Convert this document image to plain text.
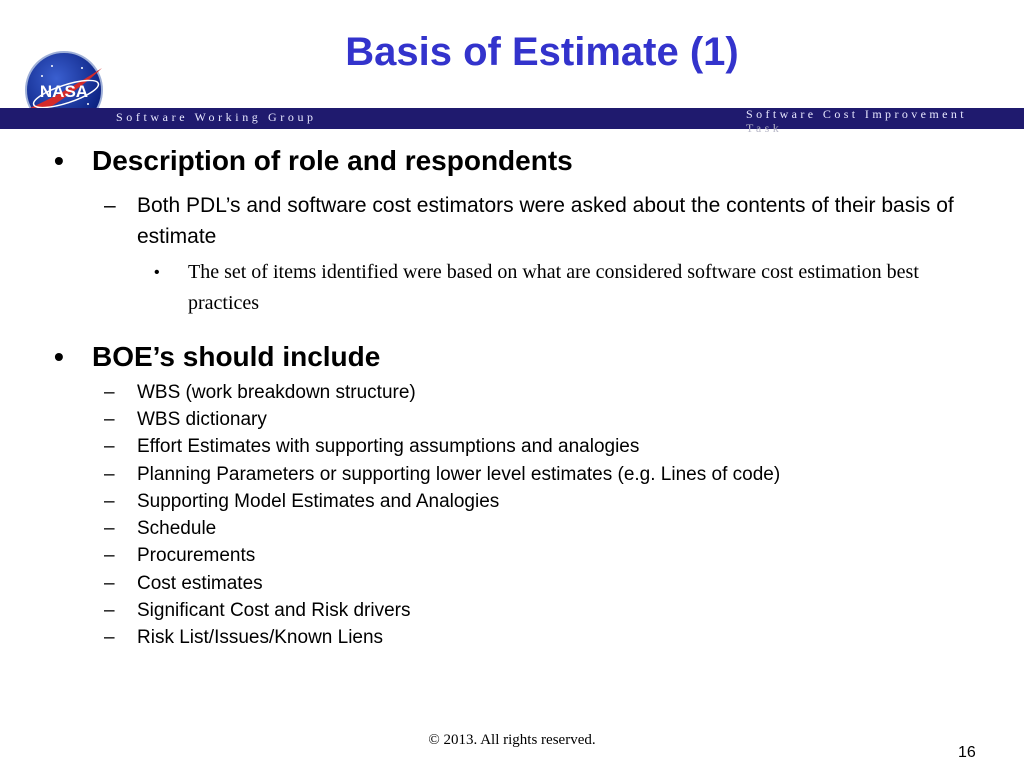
NASA
Basis of Estimate (1)
Software Working Group	Software Cost Improvement
Task
• Description of role and respondents
– Both PDL’s and software cost estimators were asked about the contents of their basis of estimate
• The set of items identified were based on what are considered software cost estimation best practices
• BOE’s should include
– WBS (work breakdown structure)
– WBS dictionary
– Effort Estimates with supporting assumptions and analogies
– Planning Parameters or supporting lower level estimates (e.g. Lines of code)
– Supporting Model Estimates and Analogies
– Schedule
– Procurements
– Cost estimates
– Significant Cost and Risk drivers
– Risk List/Issues/Known Liens
© 2013. All rights reserved.
16
